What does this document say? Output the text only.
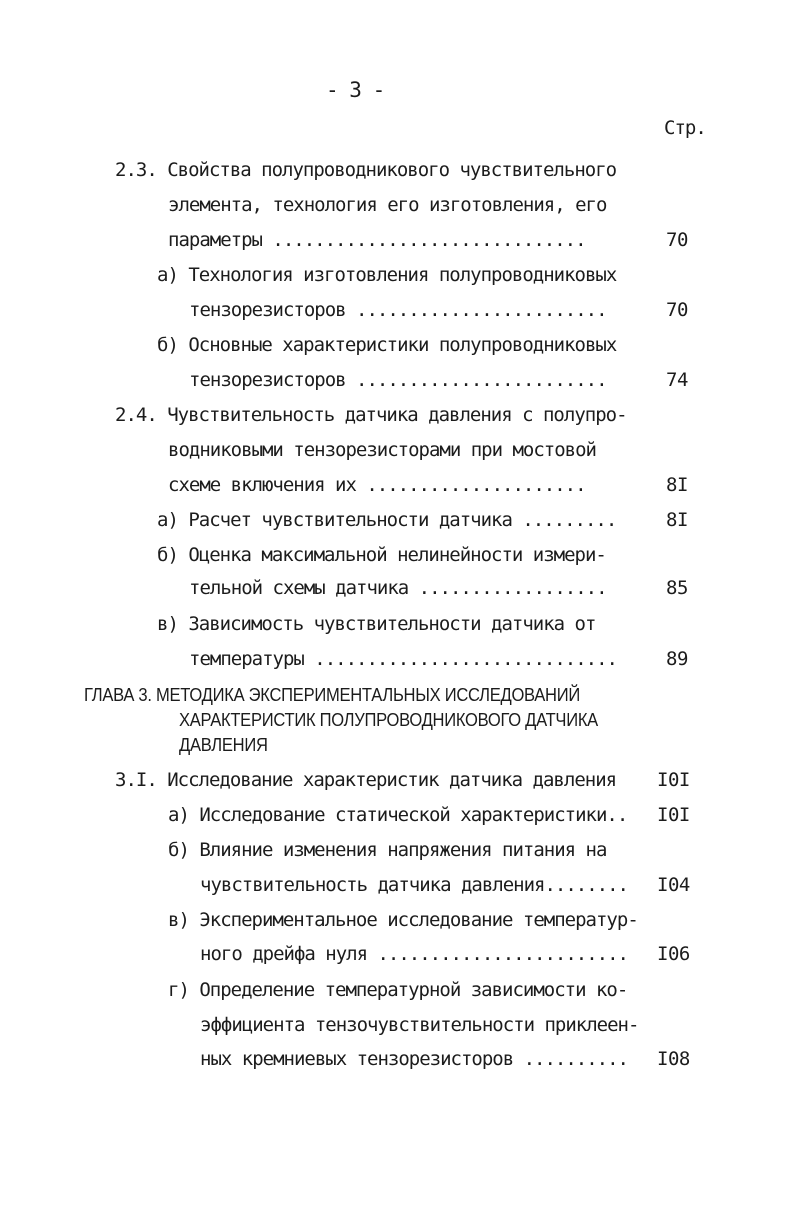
- 3 -
Стр.
2.3. Свойства полупроводникового чувствительного
элемента, технология его изготовления, его
параметры ..............................	70
а) Технология изготовления полупроводниковых
тензорезисторов ........................	70
б) Основные характеристики полупроводниковых
тензорезисторов ........................	74
2.4. Чувствительность датчика давления с полупро-
водниковыми тензорезисторами при мостовой
схеме включения их .....................	8I
а) Расчет чувствительности датчика .........	8I
б) Оценка максимальной нелинейности измери-
тельной схемы датчика ..................	85
в) Зависимость чувствительности датчика от
температуры .............................	89
ГЛАВА 3. МЕТОДИКА ЭКСПЕРИМЕНТАЛЬНЫХ ИССЛЕДОВАНИЙ
ХАРАКТЕРИСТИК ПОЛУПРОВОДНИКОВОГО ДАТЧИКА
ДАВЛЕНИЯ
3.I. Исследование характеристик датчика давления I0I
а) Исследование статической характеристики.. I0I
б) Влияние изменения напряжения питания на
чувствительность датчика давления........ I04
в) Экспериментальное исследование температур-
ного дрейфа нуля ........................ I06
г) Определение температурной зависимости ко-
эффициента тензочувствительности приклеен-
ных кремниевых тензорезисторов .......... I08
